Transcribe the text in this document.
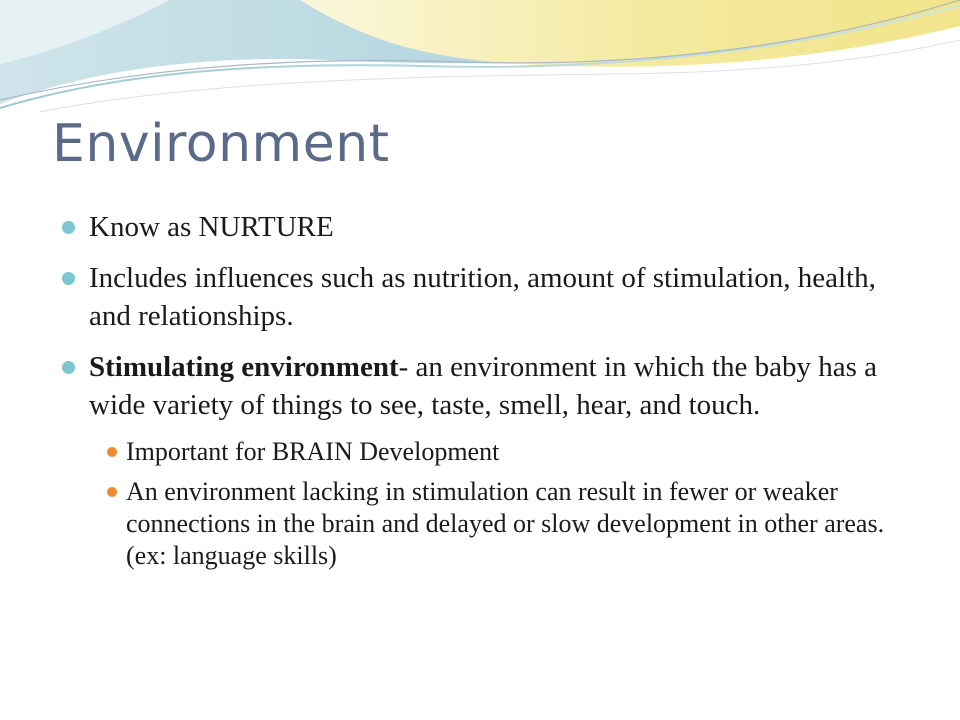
Environment
Know as NURTURE
Includes influences such as nutrition, amount of stimulation, health, and relationships.
Stimulating environment- an environment in which the baby has a wide variety of things to see, taste, smell, hear, and touch.
Important for BRAIN Development
An environment lacking in stimulation can result in fewer or weaker connections in the brain and delayed or slow development in other areas. (ex: language skills)
